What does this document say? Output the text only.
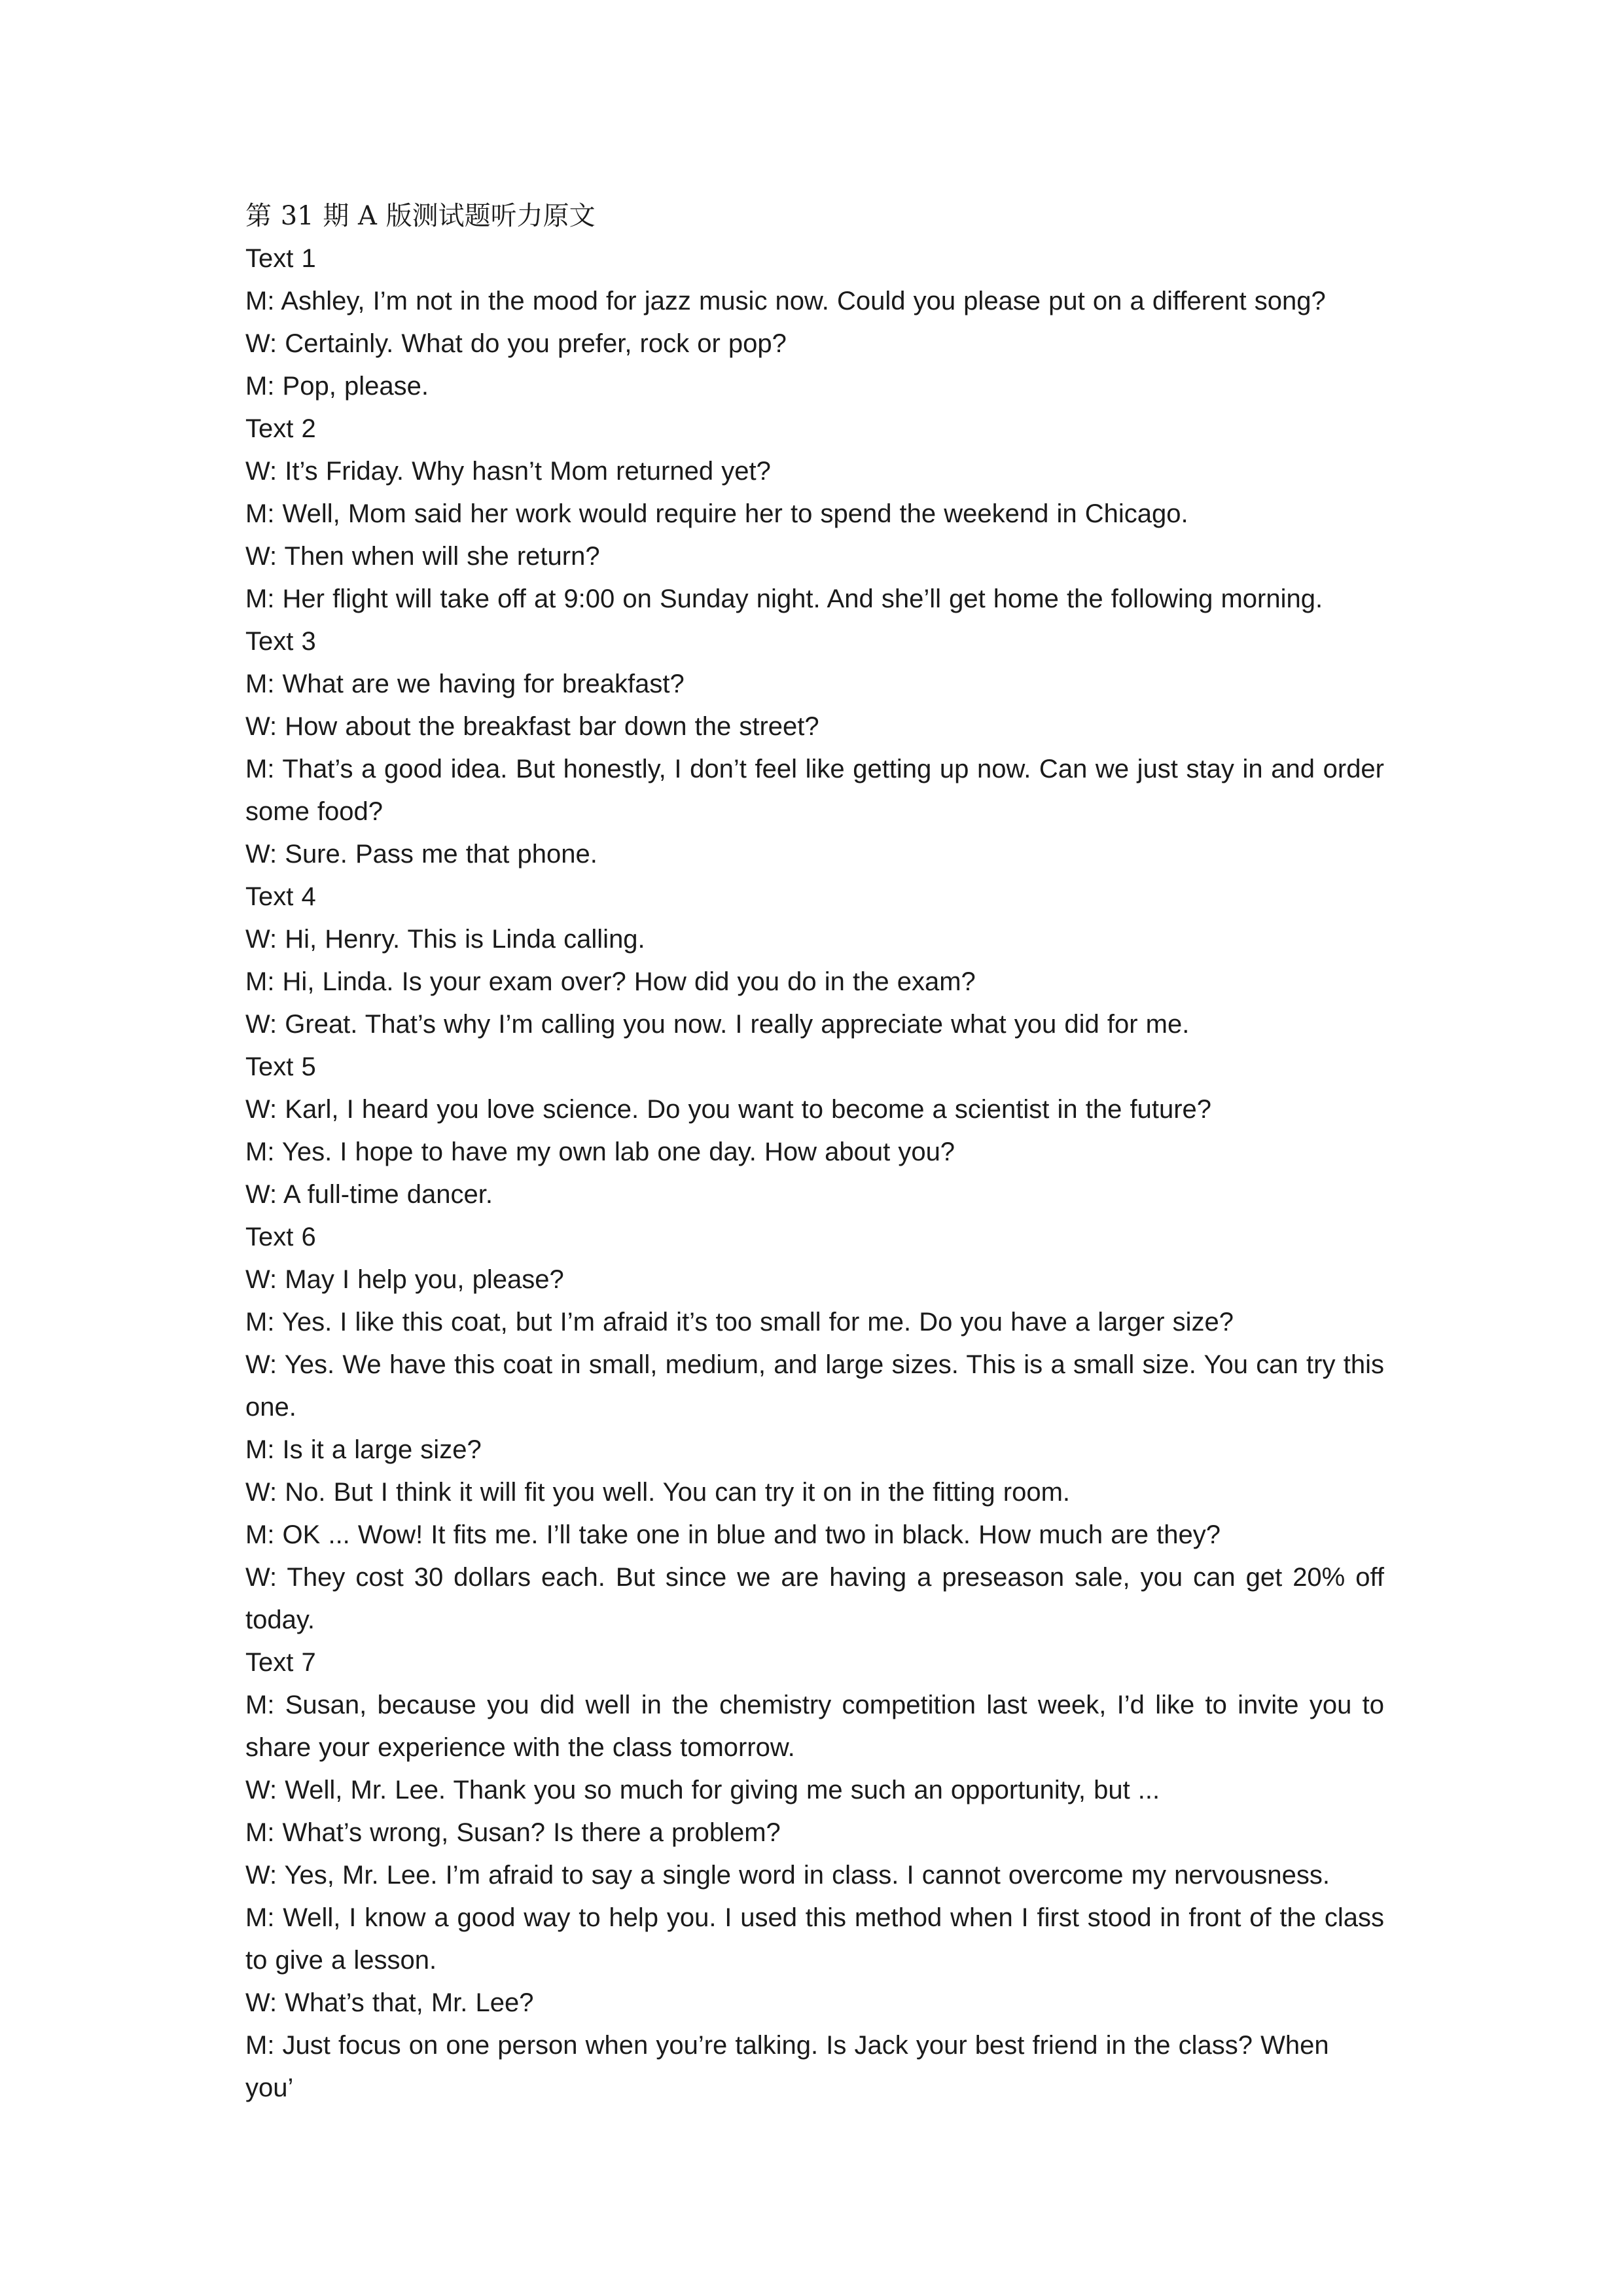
第 31 期 A 版测试题听力原文

Text 1

M: Ashley, I’m not in the mood for jazz music now. Could you please put on a different song?

W: Certainly. What do you prefer, rock or pop?

M: Pop, please.

Text 2

W: It’s Friday. Why hasn’t Mom returned yet?

M: Well, Mom said her work would require her to spend the weekend in Chicago.

W: Then when will she return?

M: Her flight will take off at 9:00 on Sunday night. And she’ll get home the following morning.

Text 3

M: What are we having for breakfast?

W: How about the breakfast bar down the street?

M: That’s a good idea. But honestly, I don’t feel like getting up now. Can we just stay in and order some food?

W: Sure. Pass me that phone.

Text 4

W: Hi, Henry. This is Linda calling.

M: Hi, Linda. Is your exam over? How did you do in the exam?

W: Great. That’s why I’m calling you now. I really appreciate what you did for me.

Text 5

W: Karl, I heard you love science. Do you want to become a scientist in the future?

M: Yes. I hope to have my own lab one day. How about you?

W: A full-time dancer.

Text 6

W: May I help you, please?

M: Yes. I like this coat, but I’m afraid it’s too small for me. Do you have a larger size?

W: Yes. We have this coat in small, medium, and large sizes. This is a small size. You can try this one.

M: Is it a large size?

W: No. But I think it will fit you well. You can try it on in the fitting room.

M: OK ... Wow! It fits me. I’ll take one in blue and two in black. How much are they?

W: They cost 30 dollars each. But since we are having a preseason sale, you can get 20% off today.

Text 7

M: Susan, because you did well in the chemistry competition last week, I’d like to invite you to share your experience with the class tomorrow.

W: Well, Mr. Lee. Thank you so much for giving me such an opportunity, but ...

M: What’s wrong, Susan? Is there a problem?

W: Yes, Mr. Lee. I’m afraid to say a single word in class. I cannot overcome my nervousness.

M: Well, I know a good way to help you. I used this method when I first stood in front of the class to give a lesson.

W: What’s that, Mr. Lee?

M: Just focus on one person when you’re talking. Is Jack your best friend in the class? When you’
